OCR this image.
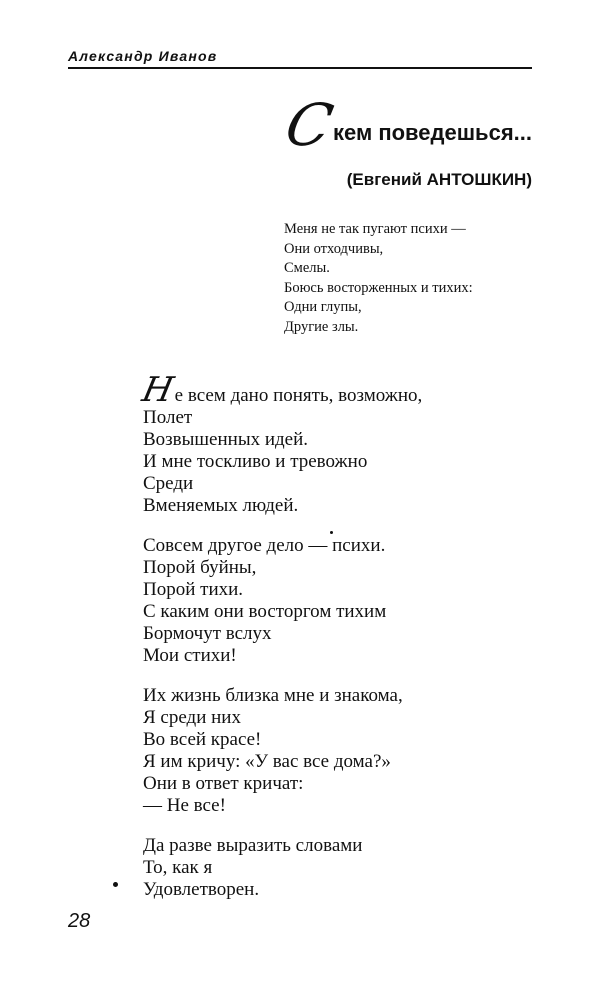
Александр Иванов
С
кем поведешься...
(Евгений АНТОШКИН)
Меня не так пугают психи —
Они отходчивы,
Смелы.
Боюсь восторженных и тихих:
Одни глупы,
Другие злы.
Не всем дано понять, возможно,
Полет
Возвышенных идей.
И мне тоскливо и тревожно
Среди
Вменяемых людей.
Совсем другое дело — психи.
Порой буйны,
Порой тихи.
С каким они восторгом тихим
Бормочут вслух
Мои стихи!
Их жизнь близка мне и знакома,
Я среди них
Во всей красе!
Я им кричу: «У вас все дома?»
Они в ответ кричат:
— Не все!
Да разве выразить словами
То, как я
Удовлетворен.
28
